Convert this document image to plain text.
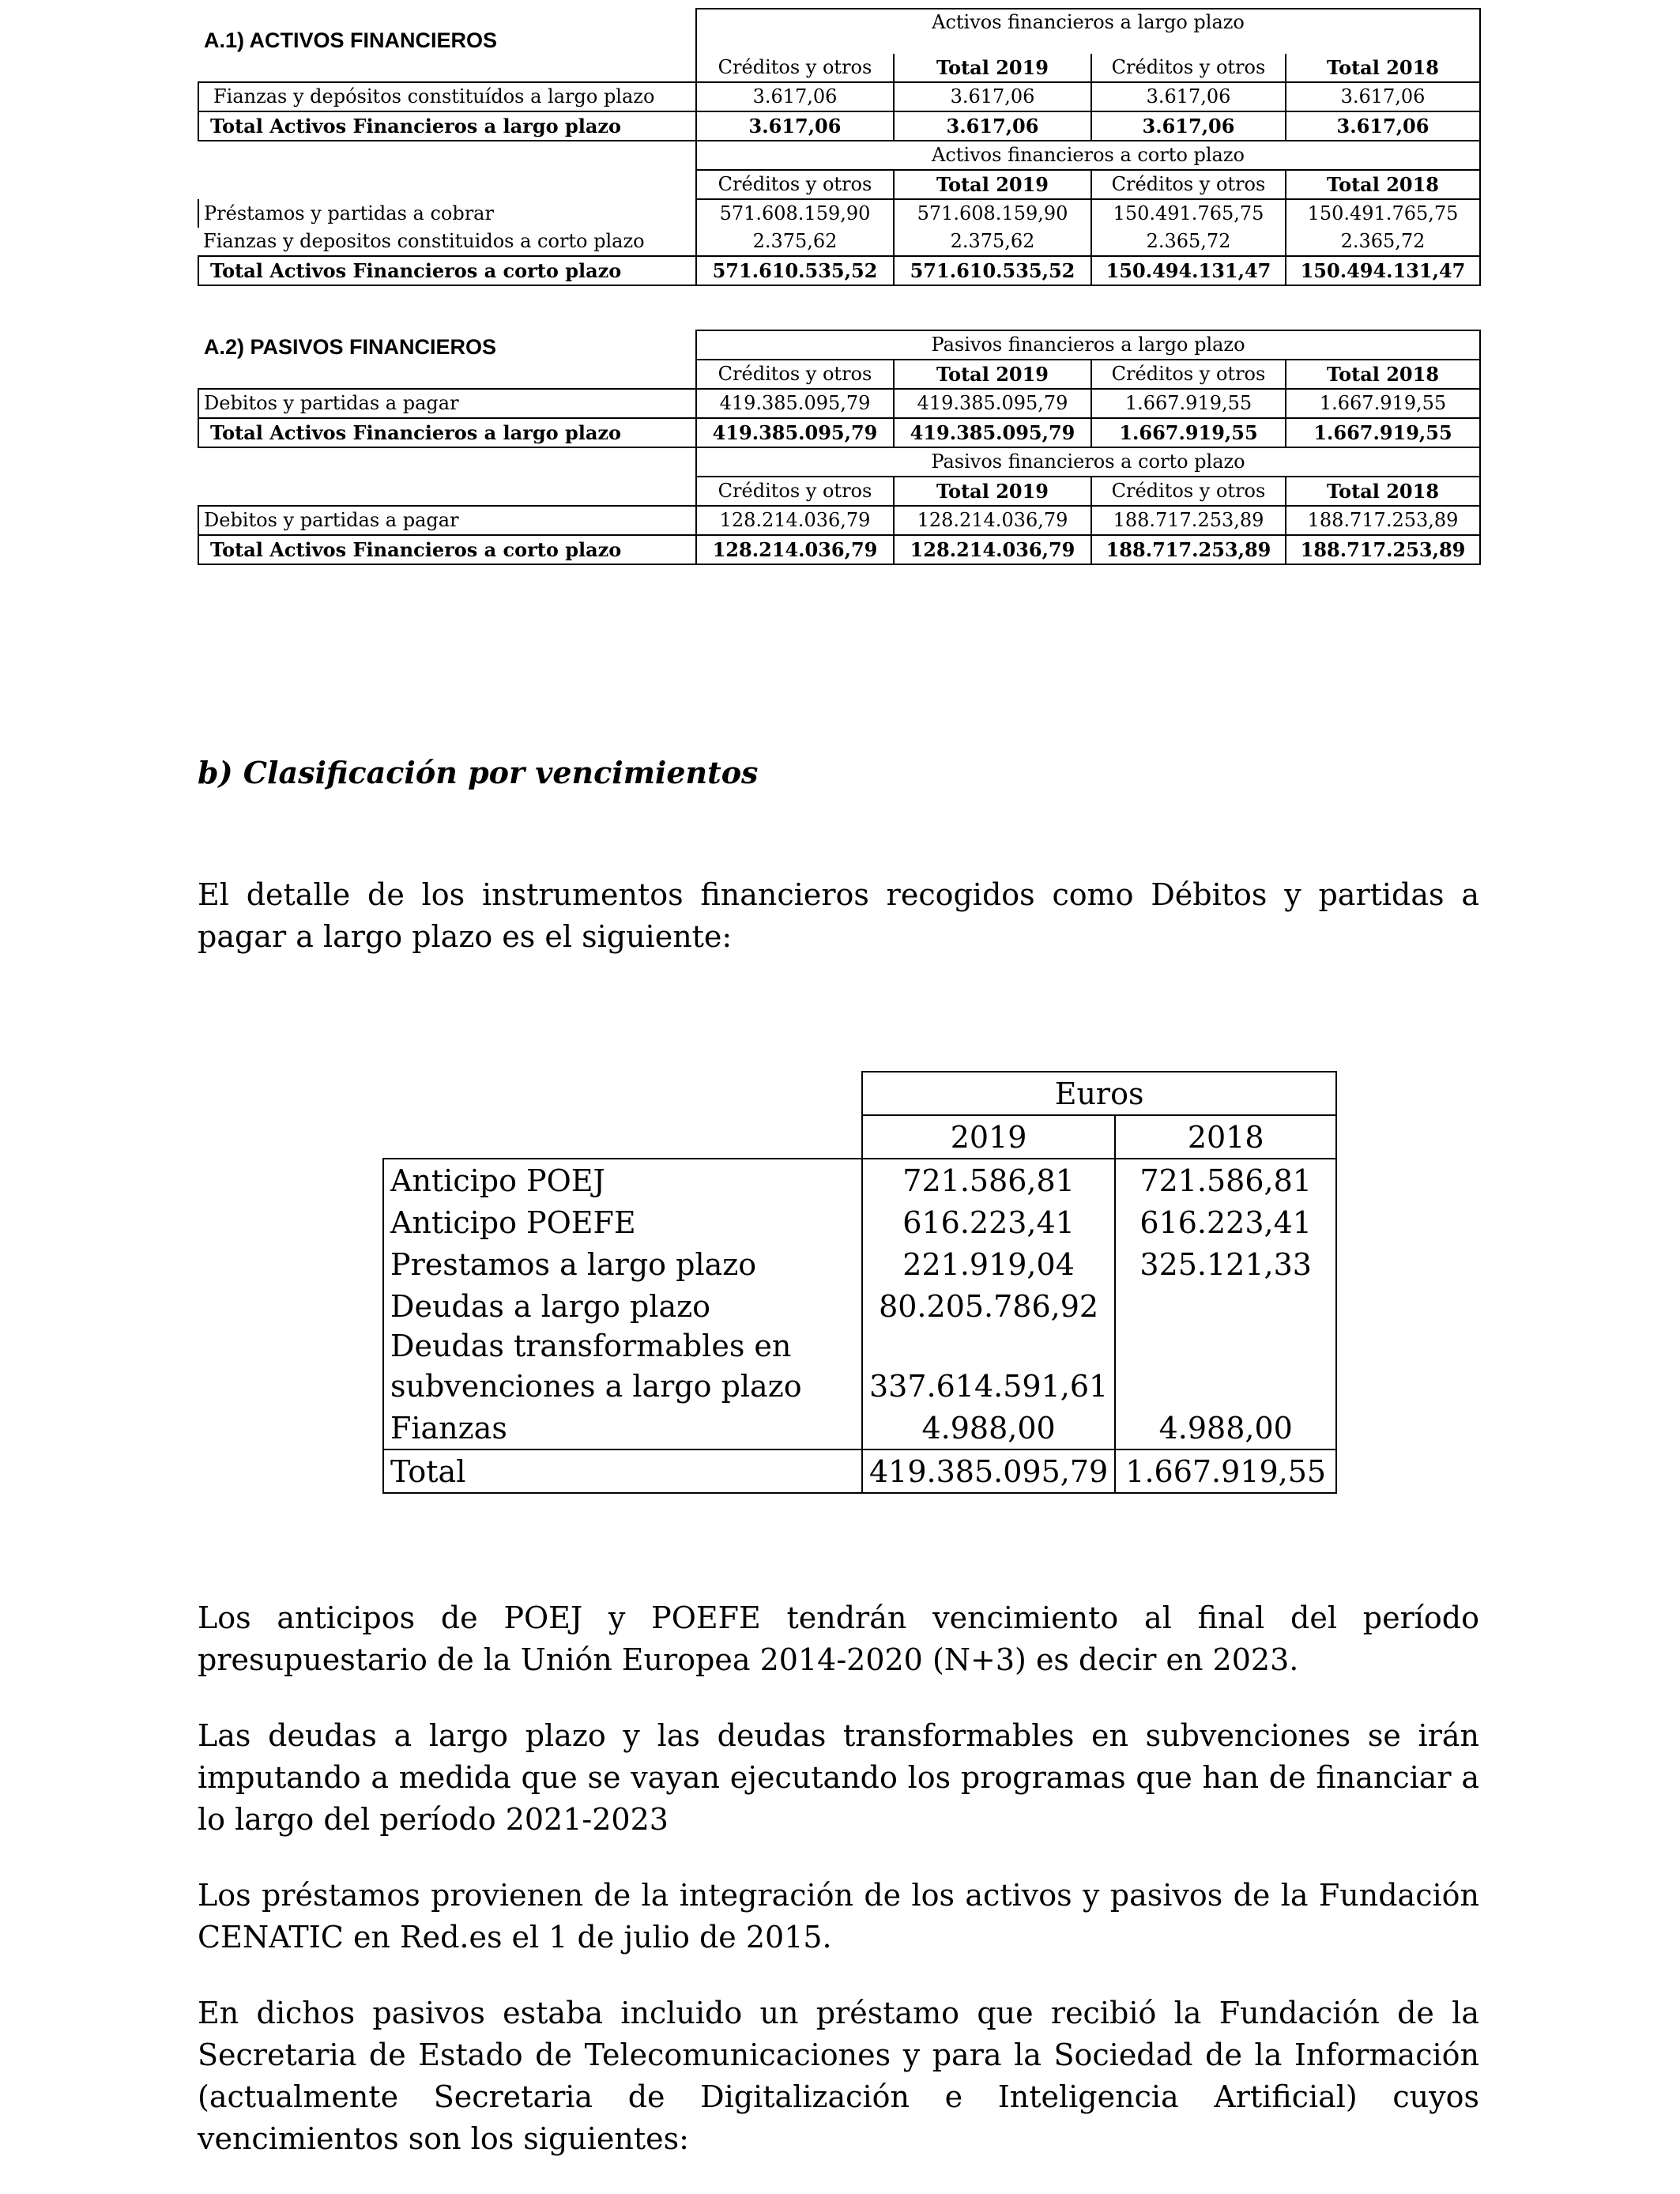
A.1) ACTIVOS FINANCIEROS
	Activos financieros a largo plazo			
	Créditos y otros	Total 2019	Créditos y otros	Total 2018
Fianzas y depósitos constituídos a largo plazo	3.617,06	3.617,06	3.617,06	3.617,06
Total Activos Financieros a largo plazo	3.617,06	3.617,06	3.617,06	3.617,06
	Activos financieros a corto plazo			
	Créditos y otros	Total 2019	Créditos y otros	Total 2018
Préstamos y partidas a cobrar	571.608.159,90	571.608.159,90	150.491.765,75	150.491.765,75
Fianzas y depositos constituidos a corto plazo	2.375,62	2.375,62	2.365,72	2.365,72
Total Activos Financieros a corto plazo	571.610.535,52	571.610.535,52	150.494.131,47	150.494.131,47
A.2) PASIVOS FINANCIEROS
		Pasivos financieros a largo plazo			
	Créditos y otros	Total 2019	Créditos y otros	Total 2018
Debitos y partidas a pagar	419.385.095,79	419.385.095,79	1.667.919,55	1.667.919,55
Total Activos Financieros a largo plazo	419.385.095,79	419.385.095,79	1.667.919,55	1.667.919,55
	Pasivos financieros a corto plazo			
	Créditos y otros	Total 2019	Créditos y otros	Total 2018
Debitos y partidas a pagar	128.214.036,79	128.214.036,79	188.717.253,89	188.717.253,89
Total Activos Financieros a corto plazo	128.214.036,79	128.214.036,79	188.717.253,89	188.717.253,89
b) Clasificación por vencimientos
El detalle de los instrumentos financieros recogidos como Débitos y partidas a pagar a largo plazo es el siguiente:
	Euros	
	2019	2018
Anticipo POEJ	721.586,81	721.586,81
Anticipo POEFE	616.223,41	616.223,41
Prestamos a largo plazo	221.919,04	325.121,33
Deudas a largo plazo	80.205.786,92	
Deudas transformables en		
subvenciones a largo plazo	337.614.591,61	
Fianzas	4.988,00	4.988,00
Total	419.385.095,79	1.667.919,55
Los anticipos de POEJ y POEFE tendrán vencimiento al final del período presupuestario de la Unión Europea 2014-2020 (N+3) es decir en 2023.
Las deudas a largo plazo y las deudas transformables en subvenciones se irán imputando a medida que se vayan ejecutando los programas que han de financiar a lo largo del período 2021-2023
Los préstamos provienen de la integración de los activos y pasivos de la Fundación CENATIC en Red.es el 1 de julio de 2015.
En dichos pasivos estaba incluido un préstamo que recibió la Fundación de la Secretaria de Estado de Telecomunicaciones y para la Sociedad de la Información (actualmente Secretaria de Digitalización e Inteligencia Artificial) cuyos vencimientos son los siguientes:
